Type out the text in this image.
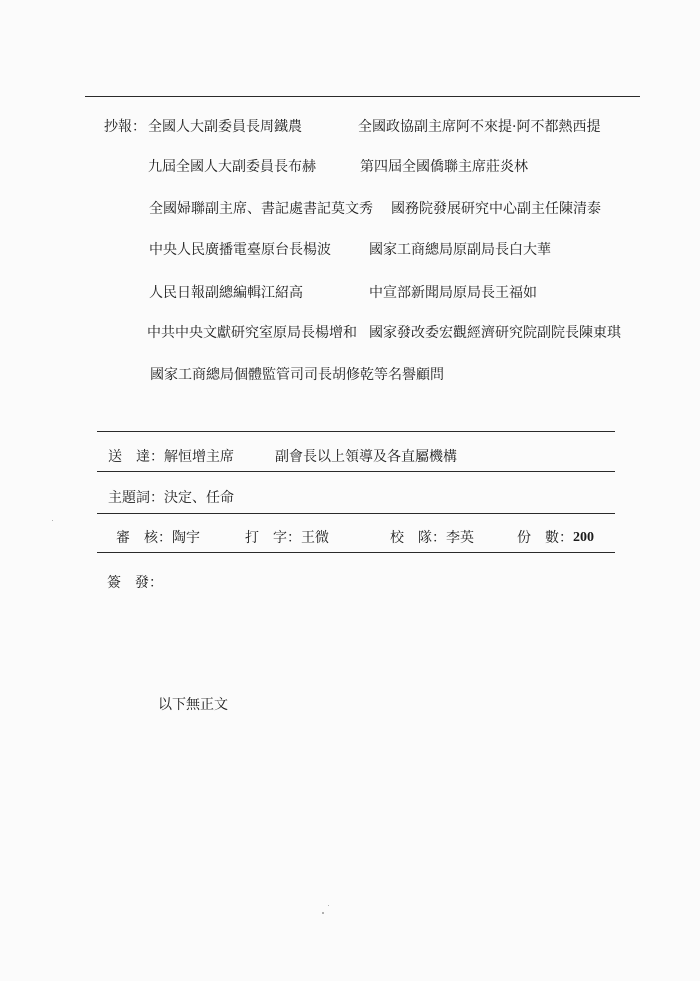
抄報： 全國人大副委員長周鐵農	全國政協副主席阿不來提·阿不都熱西提
九屆全國人大副委員長布赫	第四屆全國僑聯主席莊炎林
全國婦聯副主席、書記處書記莫文秀 國務院發展研究中心副主任陳清泰
中央人民廣播電臺原台長楊波	國家工商總局原副局長白大華
人民日報副總編輯江紹高	中宣部新聞局原局長王福如
中共中央文獻研究室原局長楊增和 國家發改委宏觀經濟研究院副院長陳東琪
國家工商總局個體監管司司長胡修乾等名譽顧問
送　達： 解恒增主席	副會長以上領導及各直屬機構
主題詞： 決定、任命
審　核： 陶宇	打　字： 王微	校　隊： 李英	份　數： 200
簽　發：
以下無正文
